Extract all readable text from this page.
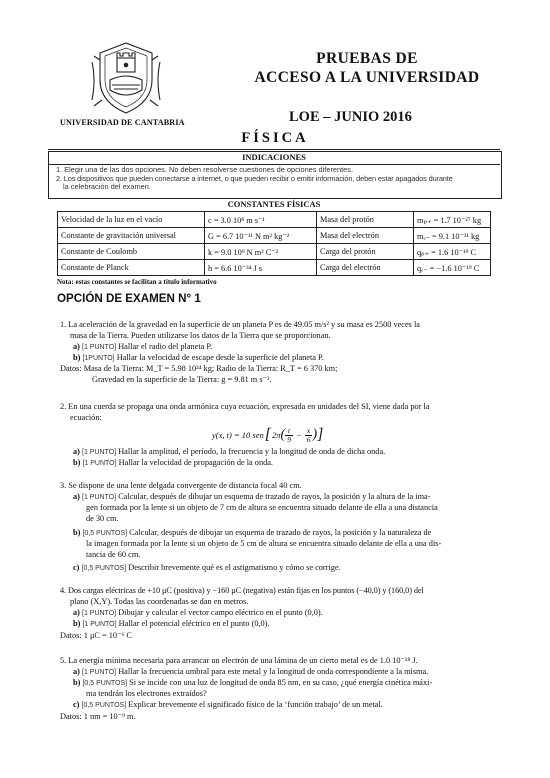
UNIVERSIDAD DE CANTABRIA
PRUEBAS DE
ACCESO A LA UNIVERSIDAD
LOE – JUNIO 2016
FÍSICA
INDICACIONES
1. Elegir una de las dos opciones. No deben resolverse cuestiones de opciones diferentes.
2. Los dispositivos que pueden conectarse a internet, o que pueden recibir o emitir información, deben estar apagados durante
la celebración del examen.
CONSTANTES FÍSICAS
Velocidad de la luz en el vacío	c = 3.0 10⁸ m s⁻¹	Masa del protón	mₚ₊ = 1.7 10⁻²⁷ kg
Constante de gravitación universal	G = 6.7 10⁻¹¹ N m² kg⁻²	Masa del electrón	mₑ₋ = 9.1 10⁻³¹ kg
Constante de Coulomb	k = 9.0 10⁹ N m² C⁻²	Carga del protón	qₚ₊ = 1.6 10⁻¹⁹ C
Constante de Planck	h = 6.6 10⁻³⁴ J s	Carga del electrón	qₑ₋ = −1.6 10⁻¹⁹ C
Nota: estas constantes se facilitan a título informativo
OPCIÓN DE EXAMEN N° 1
1. La aceleración de la gravedad en la superficie de un planeta P es de 49.05 m/s² y su masa es 2500 veces la
masa de la Tierra. Pueden utilizarse los datos de la Tierra que se proporcionan.
a) [1 PUNTO] Hallar el radio del planeta P.
b) [1PUNTO] Hallar la velocidad de escape desde la superficie del planeta P.
Datos: Masa de la Tierra: M_T = 5.98 10²⁴ kg; Radio de la Tierra: R_T = 6 370 km;
Gravedad en la superficie de la Tierra: g = 9.81 m s⁻².
2. En una cuerda se propaga una onda armónica cuya ecuación, expresada en unidades del SI, viene dada por la
ecuación:
y(x, t) = 10 sen [ 2π ( $\frac{t}{9} - \frac{x}{6}$ ) ]
a) [1 PUNTO] Hallar la amplitud, el período, la frecuencia y la longitud de onda de dicha onda.
b) [1 PUNTO] Hallar la velocidad de propagación de la onda.
3. Se dispone de una lente delgada convergente de distancia focal 40 cm.
a) [1 PUNTO] Calcular, después de dibujar un esquema de trazado de rayos, la posición y la altura de la ima-
gen formada por la lente si un objeto de 7 cm de altura se encuentra situado delante de ella a una distancia
de 30 cm.
b) [0,5 PUNTOS] Calcular, después de dibujar un esquema de trazado de rayos, la posición y la naturaleza de
la imagen formada por la lente si un objeto de 5 cm de altura se encuentra situado delante de ella a una dis-
tancia de 60 cm.
c) [0,5 PUNTOS] Describir brevemente qué es el astigmatismo y cómo se corrige.
4. Dos cargas eléctricas de +10 μC (positiva) y −160 μC (negativa) están fijas en los puntos (−40,0) y (160,0) del
plano (X,Y). Todas las coordenadas se dan en metros.
a) [1 PUNTO] Dibujar y calcular el vector campo eléctrico en el punto (0,0).
b) [1 PUNTO] Hallar el potencial eléctrico en el punto (0,0).
Datos: 1 μC = 10⁻⁶ C
5. La energía mínima necesaria para arrancar un electrón de una lámina de un cierto metal es de 1.0 10⁻¹⁸ J.
a) [1 PUNTO] Hallar la frecuencia umbral para este metal y la longitud de onda correspondiente a la misma.
b) [0,5 PUNTOS] Si se incide con una luz de longitud de onda 85 nm, en su caso, ¿qué energía cinética máxi-
ma tendrán los electrones extraídos?
c) [0,5 PUNTOS] Explicar brevemente el significado físico de la ‘función trabajo’ de un metal.
Datos: 1 nm = 10⁻⁹ m.
